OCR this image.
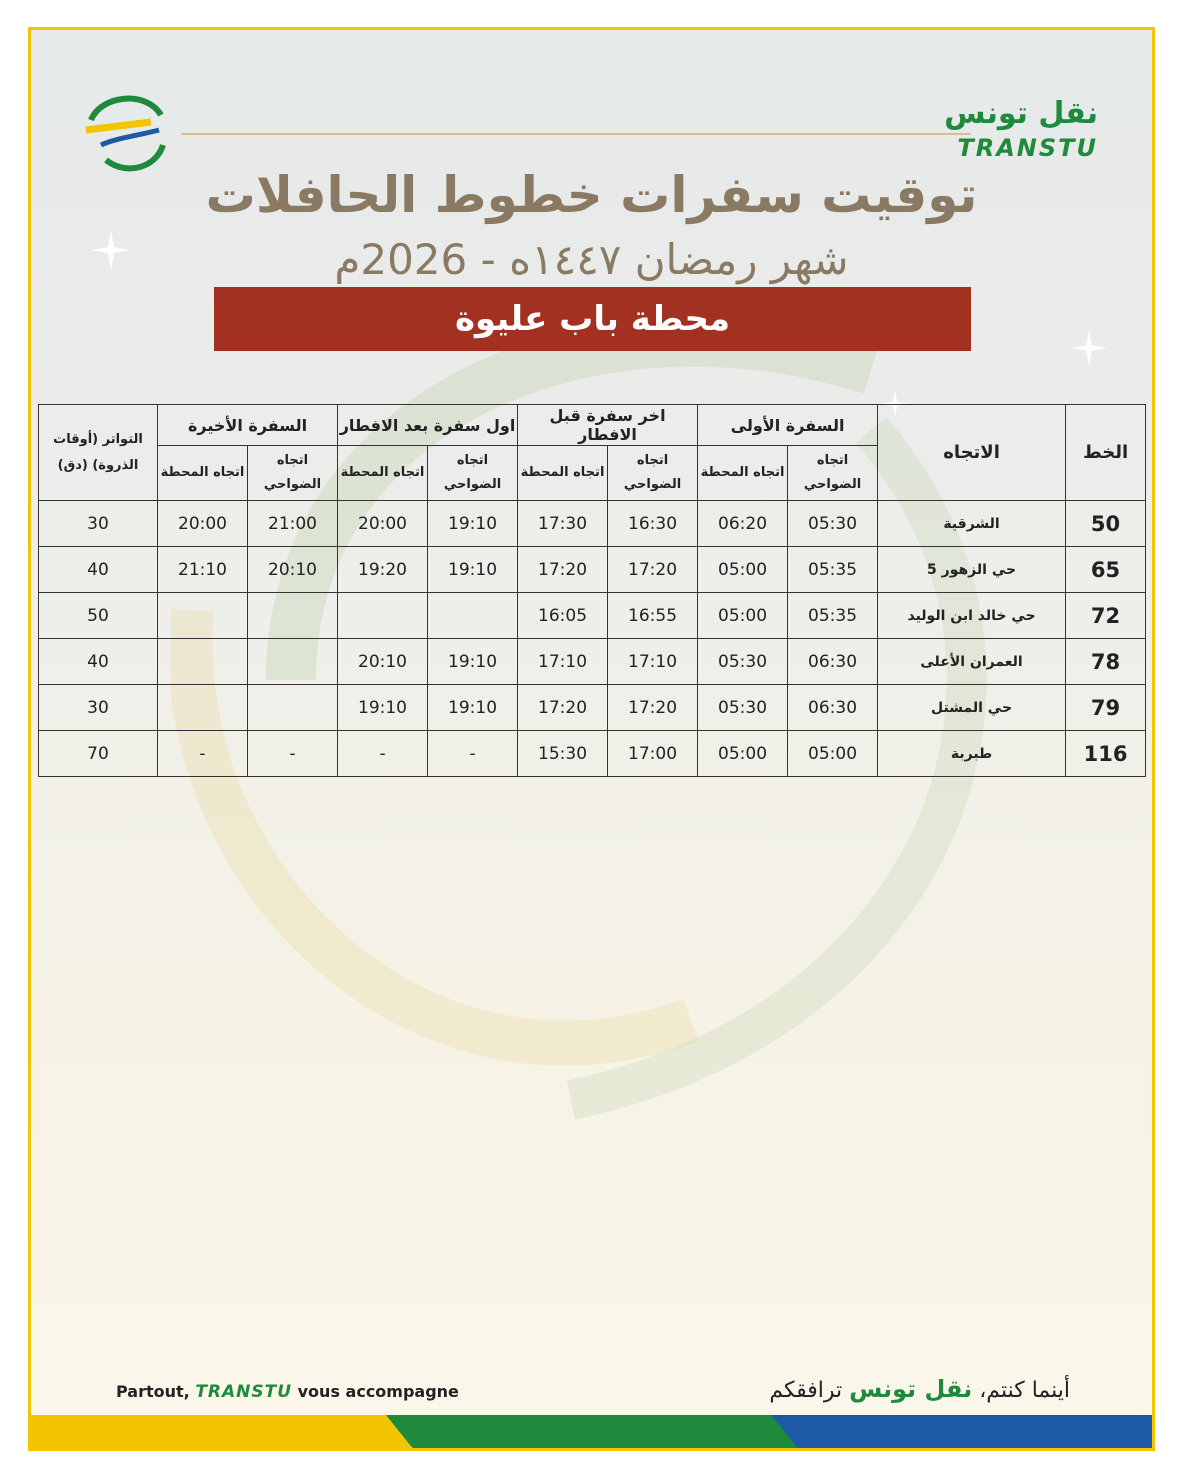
نقل تونس
TRANSTU
توقيت سفرات خطوط الحافلات
شهر رمضان ١٤٤٧ه - 2026م
محطة باب عليوة
الخط	الاتجاه	السفرة الأولى		اخر سفرة قبل الافطار		اول سفرة بعد الافطار		السفرة الأخيرة		التواتر (أوقات الذروة) (دق)
		اتجاه الضواحي	اتجاه المحطة	اتجاه الضواحي	اتجاه المحطة	اتجاه الضواحي	اتجاه المحطة	اتجاه الضواحي	اتجاه المحطة	
50	الشرقية	05:30	06:20	16:30	17:30	19:10	20:00	21:00	20:00	30
65	حي الزهور 5	05:35	05:00	17:20	17:20	19:10	19:20	20:10	21:10	40
72	حي خالد ابن الوليد	05:35	05:00	16:55	16:05					50
78	العمران الأعلى	06:30	05:30	17:10	17:10	19:10	20:10			40
79	حي المشتل	06:30	05:30	17:20	17:20	19:10	19:10			30
116	طبربة	05:00	05:00	17:00	15:30	-	-	-	-	70
Partout, TRANSTU vous accompagne	أينما كنتم، نقل تونس ترافقكم
